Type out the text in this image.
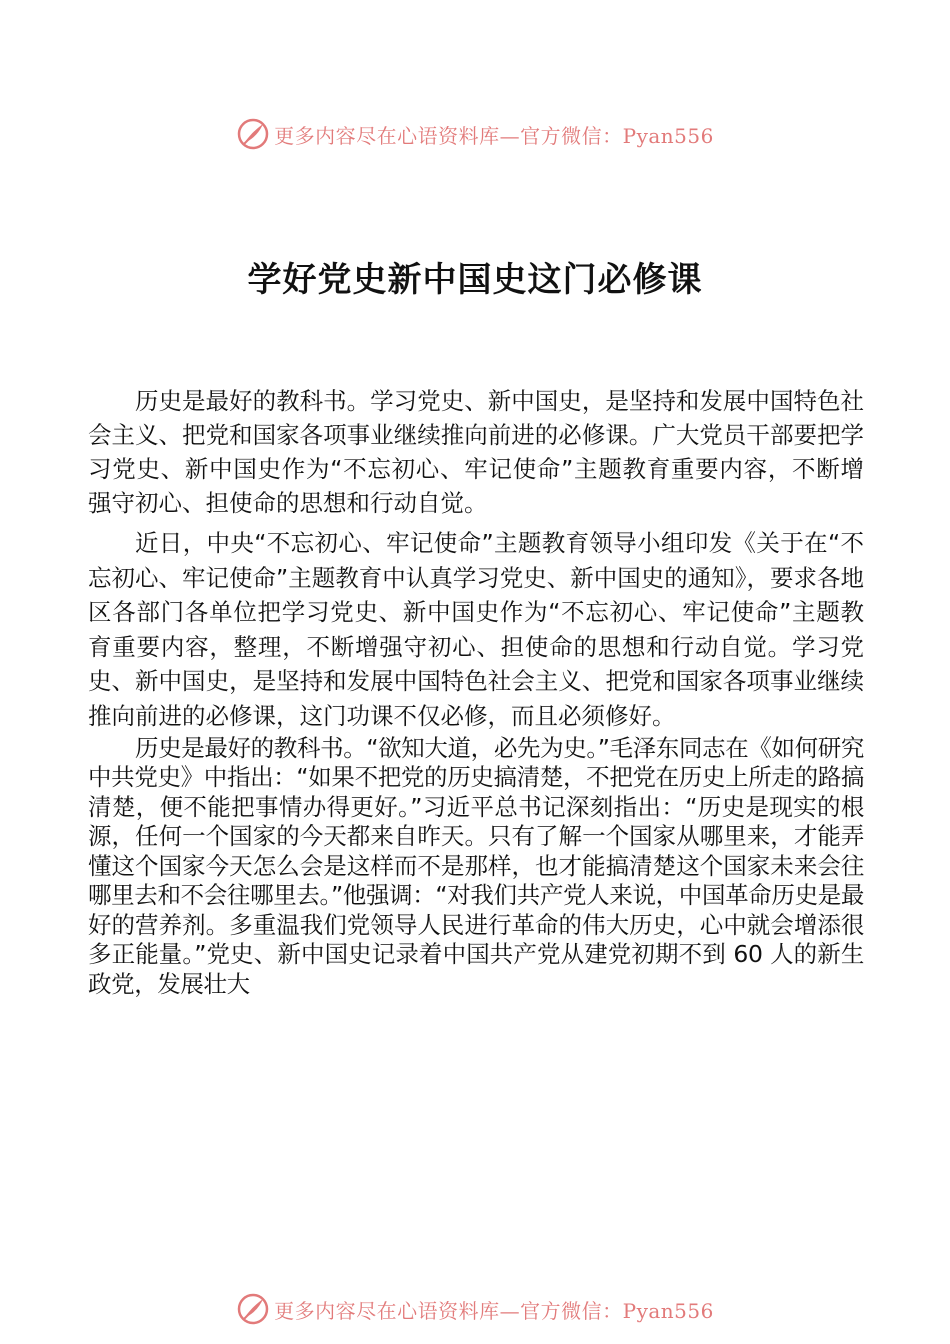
更多内容尽在心语资料库—官方微信：Pyan556
学好党史新中国史这门必修课

历史是最好的教科书。学习党史、新中国史，是坚持和发展中国特色社会主义、把党和国家各项事业继续推向前进的必修课。广大党员干部要把学习党史、新中国史作为“不忘初心、牢记使命”主题教育重要内容，不断增强守初心、担使命的思想和行动自觉。

近日，中央“不忘初心、牢记使命”主题教育领导小组印发《关于在“不忘初心、牢记使命”主题教育中认真学习党史、新中国史的通知》，要求各地区各部门各单位把学习党史、新中国史作为“不忘初心、牢记使命”主题教育重要内容，整理，不断增强守初心、担使命的思想和行动自觉。学习党史、新中国史，是坚持和发展中国特色社会主义、把党和国家各项事业继续推向前进的必修课，这门功课不仅必修，而且必须修好。

历史是最好的教科书。“欲知大道，必先为史。”毛泽东同志在《如何研究中共党史》中指出：“如果不把党的历史搞清楚，不把党在历史上所走的路搞清楚，便不能把事情办得更好。”习近平总书记深刻指出：“历史是现实的根源，任何一个国家的今天都来自昨天。只有了解一个国家从哪里来，才能弄懂这个国家今天怎么会是这样而不是那样，也才能搞清楚这个国家未来会往哪里去和不会往哪里去。”他强调：“对我们共产党人来说，中国革命历史是最好的营养剂。多重温我们党领导人民进行革命的伟大历史，心中就会增添很多正能量。”党史、新中国史记录着中国共产党从建党初期不到 60 人的新生政党，发展壮大

更多内容尽在心语资料库—官方微信：Pyan556
